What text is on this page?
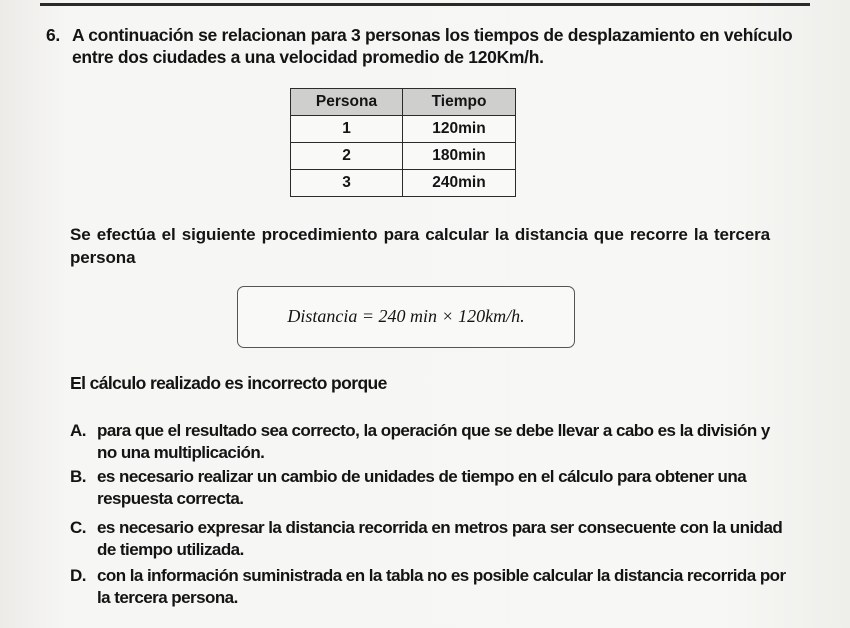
6. A continuación se relacionan para 3 personas los tiempos de desplazamiento en vehículo entre dos ciudades a una velocidad promedio de 120Km/h.
Persona	Tiempo
1	120min
2	180min
3	240min
Se efectúa el siguiente procedimiento para calcular la distancia que recorre la tercera persona
Distancia = 240 min × 120km/h.
El cálculo realizado es incorrecto porque
A. para que el resultado sea correcto, la operación que se debe llevar a cabo es la división y no una multiplicación.
B. es necesario realizar un cambio de unidades de tiempo en el cálculo para obtener una respuesta correcta.
C. es necesario expresar la distancia recorrida en metros para ser consecuente con la unidad de tiempo utilizada.
D. con la información suministrada en la tabla no es posible calcular la distancia recorrida por la tercera persona.
